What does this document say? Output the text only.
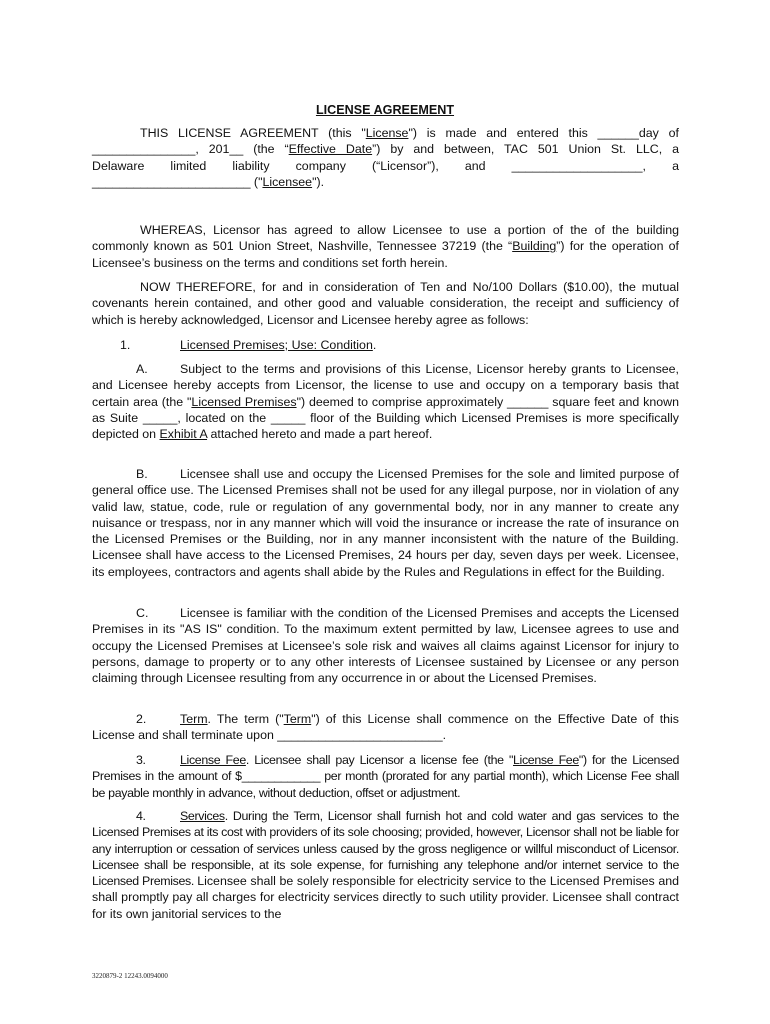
LICENSE AGREEMENT

THIS LICENSE AGREEMENT (this "License") is made and entered this ______day of

_______________, 201__ (the “Effective Date”) by and between, TAC 501 Union St. LLC, a

Delaware   limited   liability   company   (“Licensor”),   and   ___________________,   a

_______________________ ("Licensee").

WHEREAS, Licensor has agreed to allow Licensee to use a portion of the of the building commonly known as 501 Union Street, Nashville, Tennessee 37219 (the “Building”) for the operation of Licensee’s business on the terms and conditions set forth herein.

NOW THEREFORE, for and in consideration of Ten and No/100 Dollars ($10.00), the mutual covenants herein contained, and other good and valuable consideration, the receipt and sufficiency of which is hereby acknowledged, Licensor and Licensee hereby agree as follows:

1.	Licensed Premises; Use: Condition.

A.	Subject to the terms and provisions of this License, Licensor hereby grants to Licensee, and Licensee hereby accepts from Licensor, the license to use and occupy on a temporary basis that certain area (the "Licensed Premises") deemed to comprise approximately ______ square feet and known as Suite _____, located on the _____ floor of the Building which Licensed Premises is more specifically depicted on Exhibit A attached hereto and made a part hereof.

B.	Licensee shall use and occupy the Licensed Premises for the sole and limited purpose of general office use. The Licensed Premises shall not be used for any illegal purpose, nor in violation of any valid law, statue, code, rule or regulation of any governmental body, nor in any manner to create any nuisance or trespass, nor in any manner which will void the insurance or increase the rate of insurance on the Licensed Premises or the Building, nor in any manner inconsistent with the nature of the Building. Licensee shall have access to the Licensed Premises, 24 hours per day, seven days per week. Licensee, its employees, contractors and agents shall abide by the Rules and Regulations in effect for the Building.

C.	Licensee is familiar with the condition of the Licensed Premises and accepts the Licensed Premises in its "AS IS" condition. To the maximum extent permitted by law, Licensee agrees to use and occupy the Licensed Premises at Licensee’s sole risk and waives all claims against Licensor for injury to persons, damage to property or to any other interests of Licensee sustained by Licensee or any person claiming through Licensee resulting from any occurrence in or about the Licensed Premises.

2.	Term. The term ("Term") of this License shall commence on the Effective Date of this License and shall terminate upon ________________________.

3.	License Fee. Licensee shall pay Licensor a license fee (the "License Fee") for the Licensed Premises in the amount of $____________ per month (prorated for any partial month), which License Fee shall be payable monthly in advance, without deduction, offset or adjustment.

4.	Services. During the Term, Licensor shall furnish hot and cold water and gas services to the Licensed Premises at its cost with providers of its sole choosing; provided, however, Licensor shall not be liable for any interruption or cessation of services unless caused by the gross negligence or willful misconduct of Licensor. Licensee shall be responsible, at its sole expense, for furnishing any telephone and/or internet service to the Licensed Premises. Licensee shall be solely responsible for electricity service to the Licensed Premises and shall promptly pay all charges for electricity services directly to such utility provider. Licensee shall contract for its own janitorial services to the

3220879-2 12243.0094000
